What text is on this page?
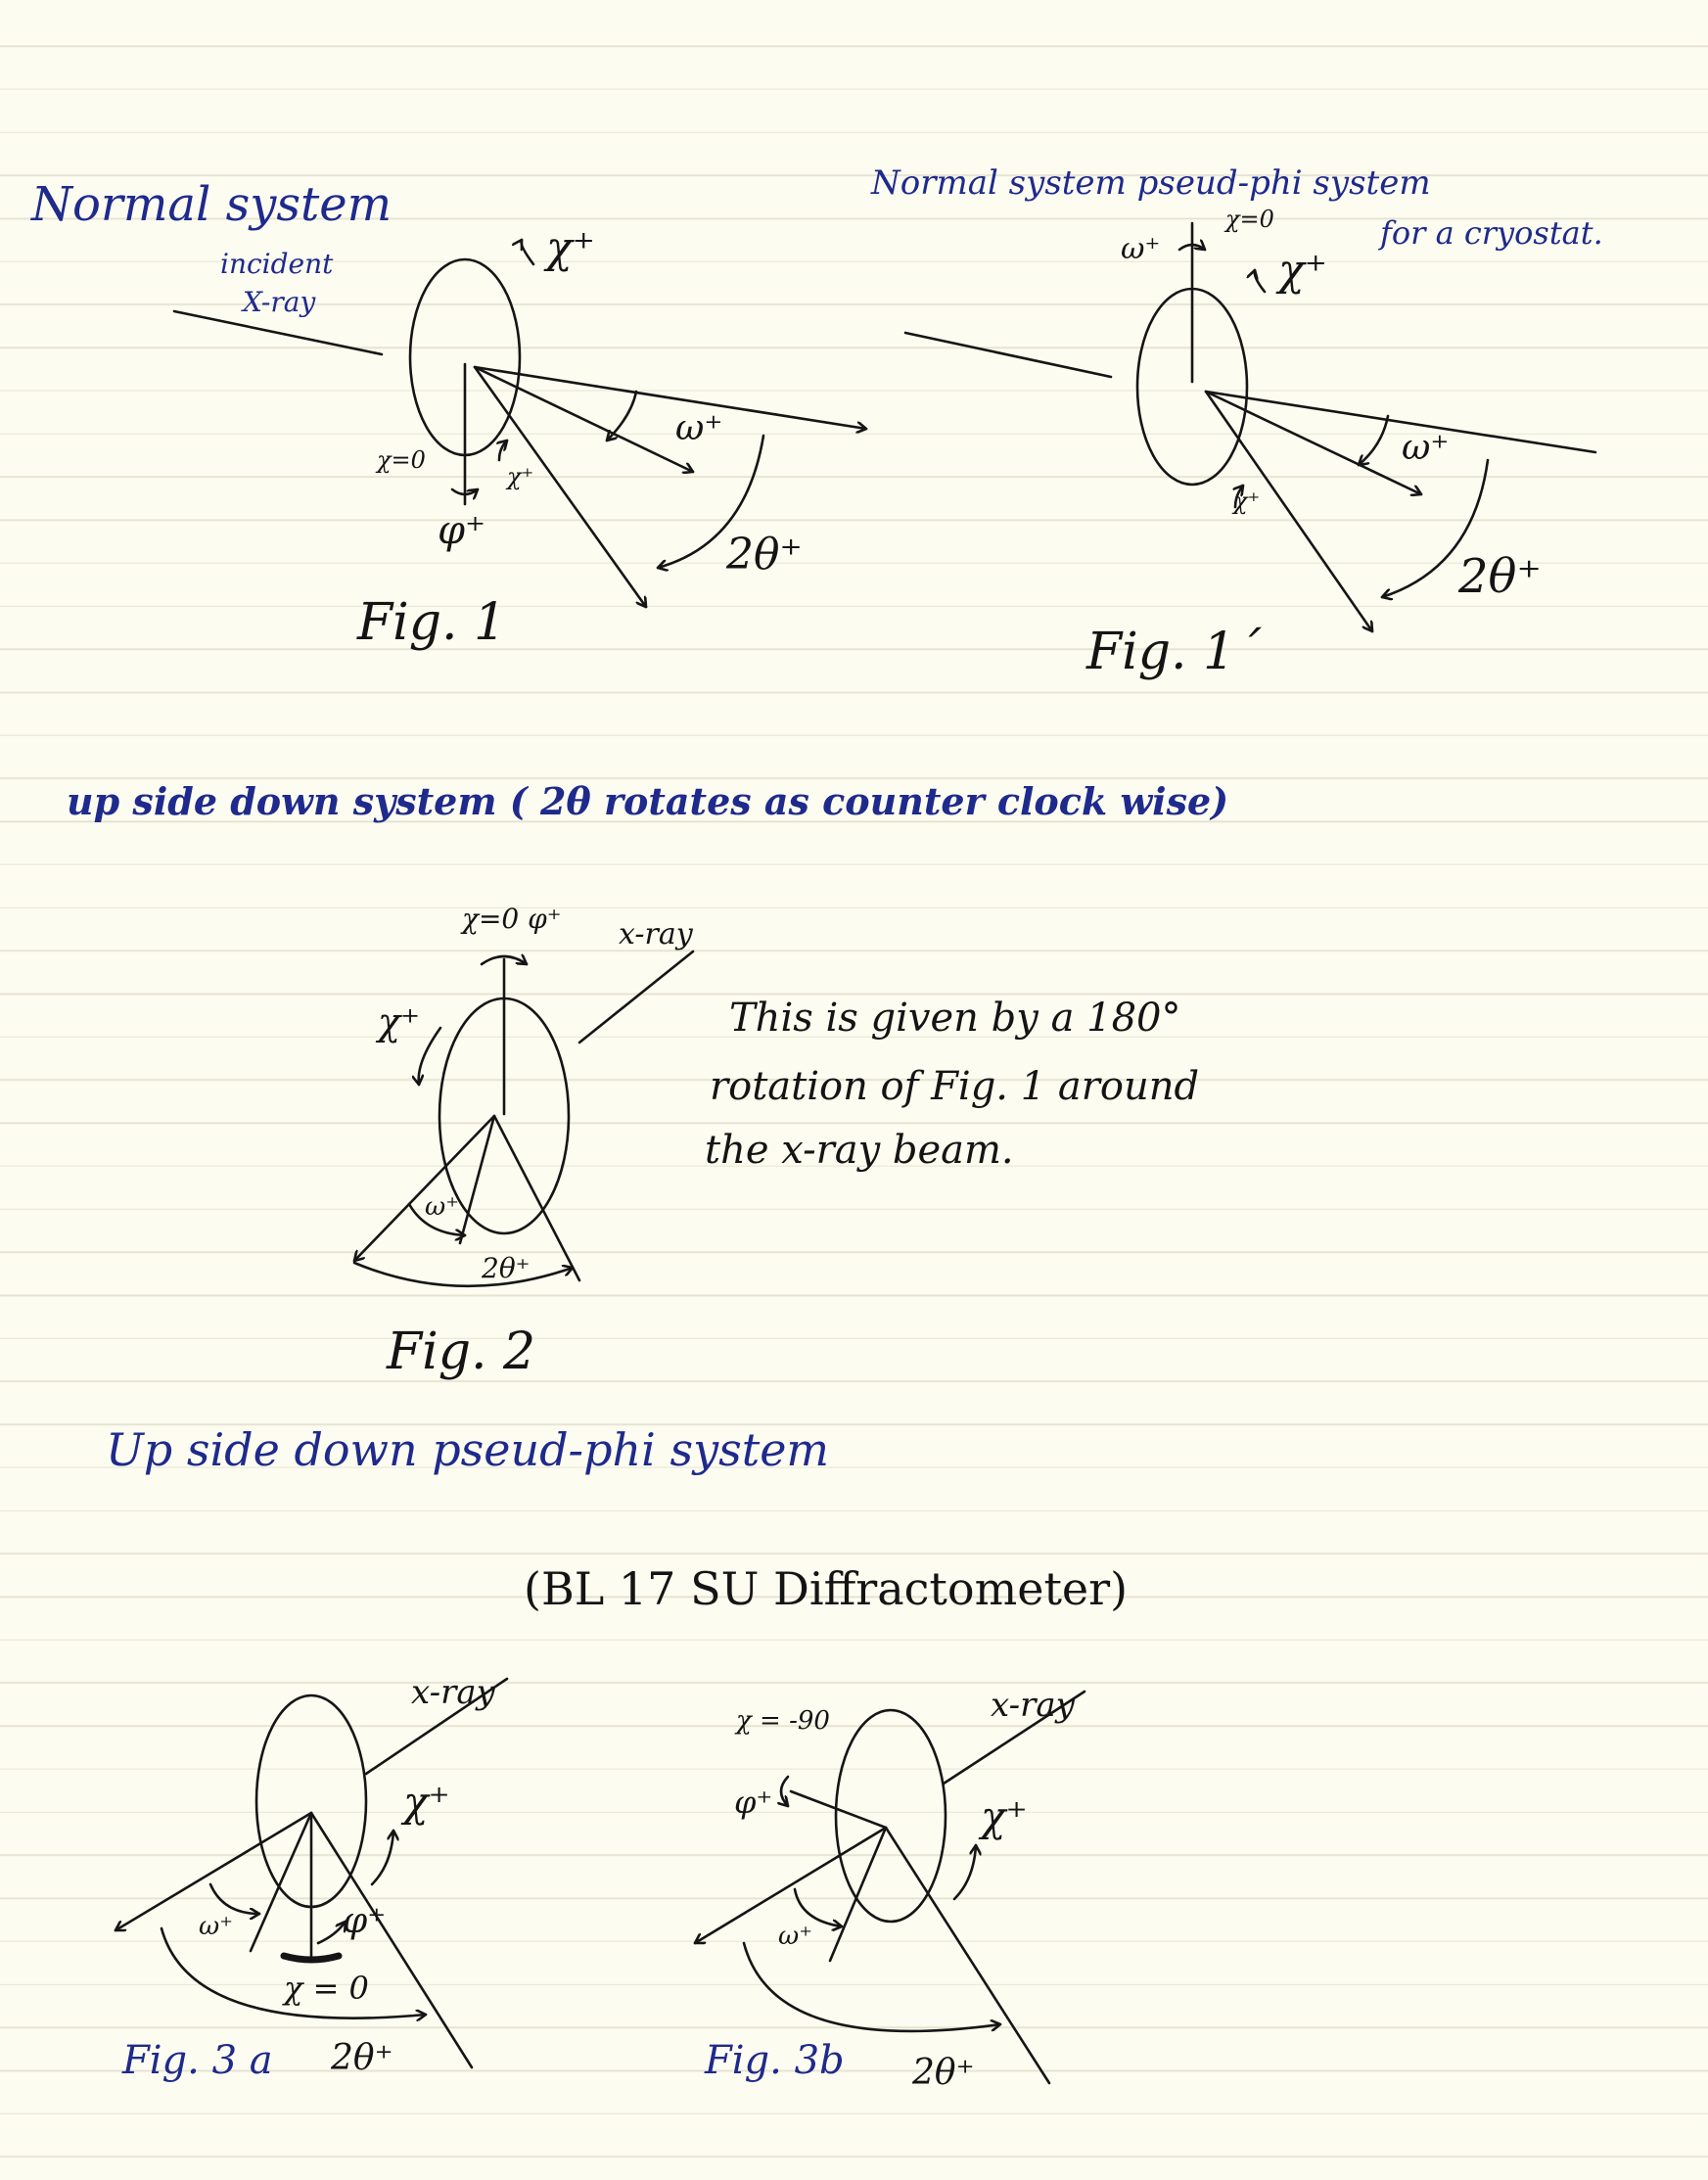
Normal system	Normal system pseud-phi system
for a cryostat.
up side down system ( 2θ rotates as counter clock wise)
Up side down pseud-phi system
(BL 17 SU Diffractometer)
incident
X-ray
χ⁺
χ=0
χ⁺
φ⁺
ω⁺
2θ⁺
Fig. 1
ω⁺
χ=0
χ⁺
χ⁺
ω⁺
2θ⁺
Fig. 1´
χ=0 φ⁺ x-ray
χ⁺
ω⁺
2θ⁺
Fig. 2
This is given by a 180°
rotation of Fig. 1 around
the x-ray beam.
x-ray
χ⁺
ω⁺	φ⁺
χ = 0
2θ⁺
Fig. 3 a
χ = -90
φ⁺
x-ray
χ⁺
ω⁺
2θ⁺
Fig. 3b
